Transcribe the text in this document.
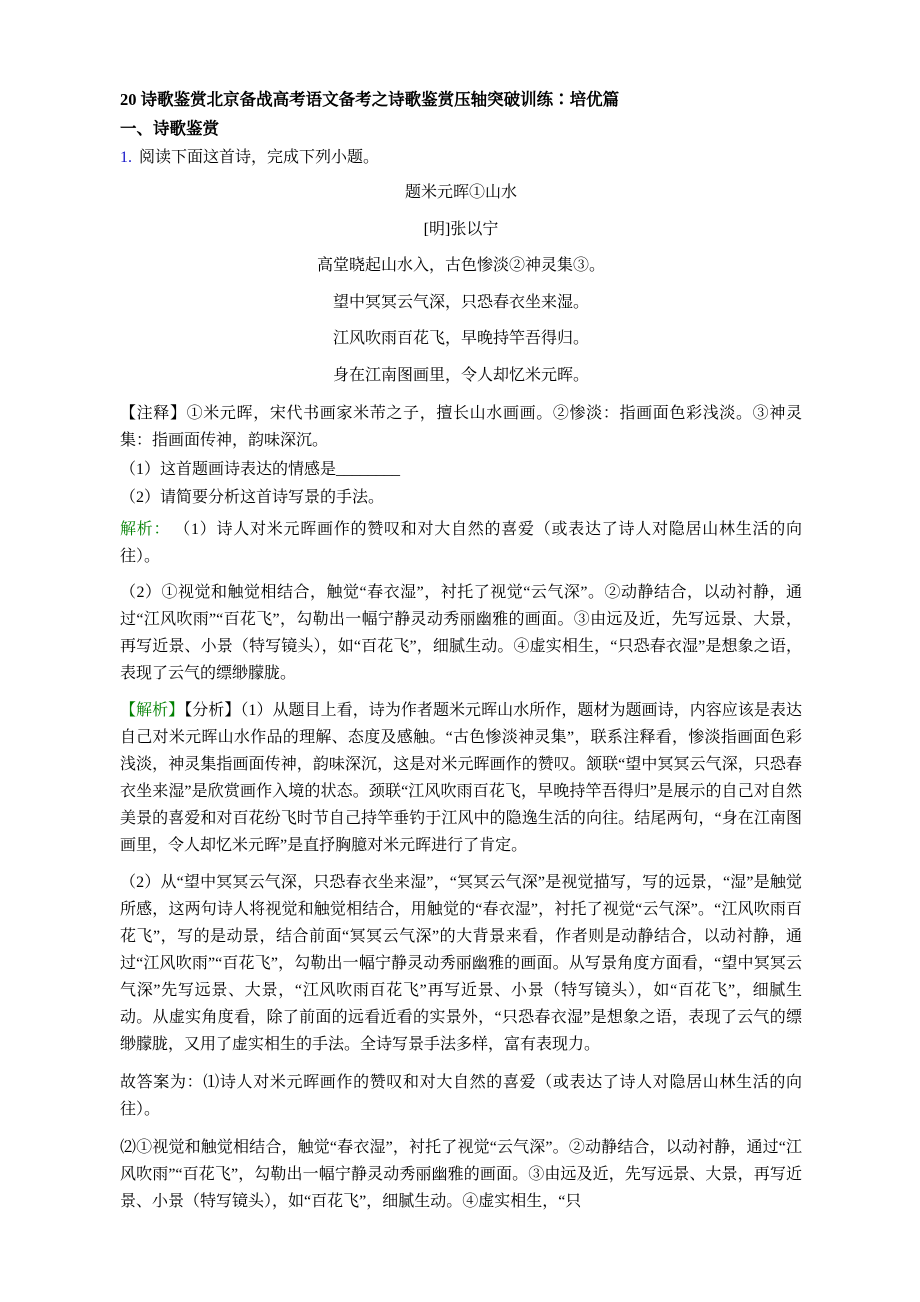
20 诗歌鉴赏北京备战高考语文备考之诗歌鉴赏压轴突破训练∶培优篇

一、诗歌鉴赏

1. 阅读下面这首诗，完成下列小题。

题米元晖①山水

[明]张以宁

高堂晓起山水入，古色惨淡②神灵集③。

望中冥冥云气深，只恐春衣坐来湿。

江风吹雨百花飞，早晚持竿吾得归。

身在江南图画里，令人却忆米元晖。

【注释】①米元晖，宋代书画家米芾之子，擅长山水画画。②惨淡：指画面色彩浅淡。③神灵集：指画面传神，韵味深沉。

（1）这首题画诗表达的情感是________

（2）请简要分析这首诗写景的手法。

解析： （1）诗人对米元晖画作的赞叹和对大自然的喜爱（或表达了诗人对隐居山林生活的向往）。

（2）①视觉和触觉相结合，触觉“春衣湿”，衬托了视觉“云气深”。②动静结合，以动衬静，通过“江风吹雨”“百花飞”，勾勒出一幅宁静灵动秀丽幽雅的画面。③由远及近，先写远景、大景，再写近景、小景（特写镜头），如“百花飞”，细腻生动。④虚实相生，“只恐春衣湿”是想象之语，表现了云气的缥缈朦胧。

【解析】【分析】（1）从题目上看，诗为作者题米元晖山水所作，题材为题画诗，内容应该是表达自己对米元晖山水作品的理解、态度及感触。“古色惨淡神灵集”，联系注释看，惨淡指画面色彩浅淡，神灵集指画面传神，韵味深沉，这是对米元晖画作的赞叹。颔联“望中冥冥云气深，只恐春衣坐来湿”是欣赏画作入境的状态。颈联“江风吹雨百花飞，早晚持竿吾得归”是展示的自己对自然美景的喜爱和对百花纷飞时节自己持竿垂钓于江风中的隐逸生活的向往。结尾两句，“身在江南图画里，令人却忆米元晖”是直抒胸臆对米元晖进行了肯定。

（2）从“望中冥冥云气深，只恐春衣坐来湿”，“冥冥云气深”是视觉描写，写的远景，“湿”是触觉所感，这两句诗人将视觉和触觉相结合，用触觉的“春衣湿”，衬托了视觉“云气深”。“江风吹雨百花飞”，写的是动景，结合前面“冥冥云气深”的大背景来看，作者则是动静结合，以动衬静，通过“江风吹雨”“百花飞”，勾勒出一幅宁静灵动秀丽幽雅的画面。从写景角度方面看，“望中冥冥云气深”先写远景、大景，“江风吹雨百花飞”再写近景、小景（特写镜头），如“百花飞”，细腻生动。从虚实角度看，除了前面的远看近看的实景外，“只恐春衣湿”是想象之语，表现了云气的缥缈朦胧，又用了虚实相生的手法。全诗写景手法多样，富有表现力。

故答案为：⑴诗人对米元晖画作的赞叹和对大自然的喜爱（或表达了诗人对隐居山林生活的向往）。

⑵①视觉和触觉相结合，触觉“春衣湿”，衬托了视觉“云气深”。②动静结合，以动衬静，通过“江风吹雨”“百花飞”，勾勒出一幅宁静灵动秀丽幽雅的画面。③由远及近，先写远景、大景，再写近景、小景（特写镜头），如“百花飞”，细腻生动。④虚实相生，“只
